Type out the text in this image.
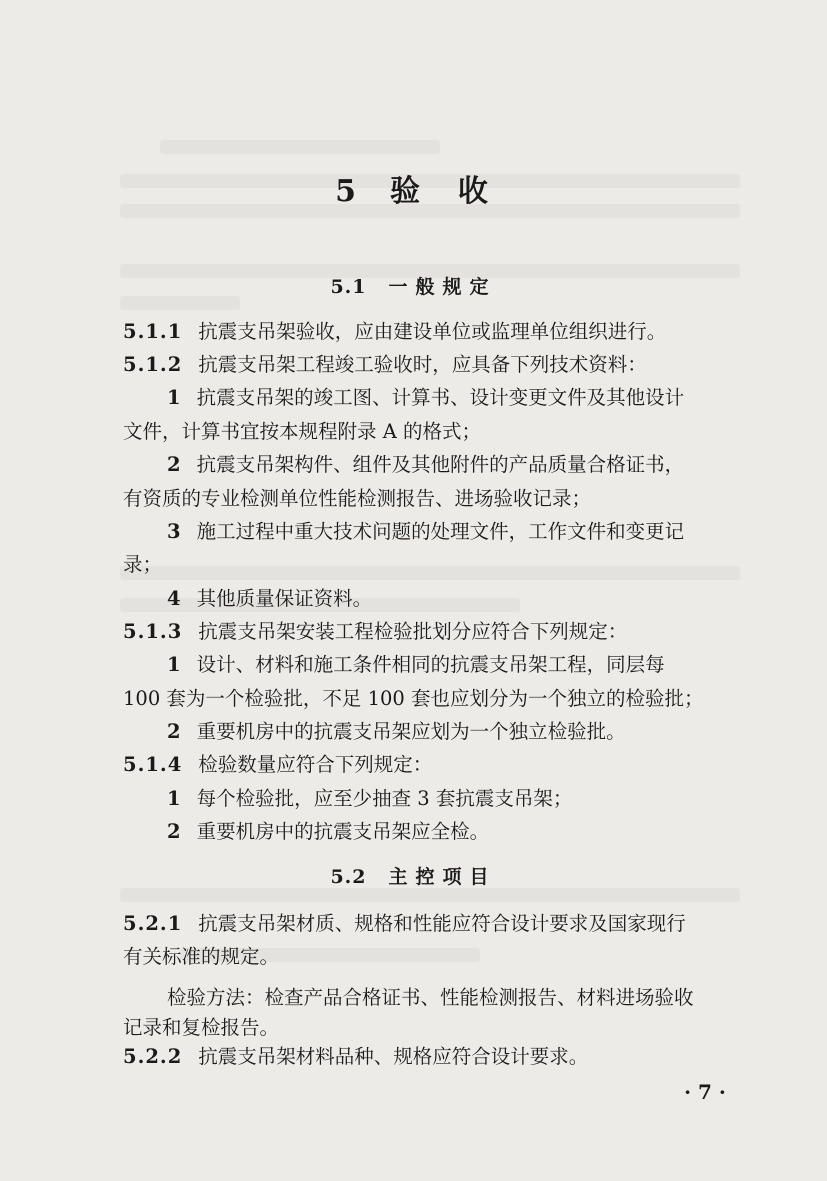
5 验　收
5.1 一般规定
5.1.1 抗震支吊架验收，应由建设单位或监理单位组织进行。
5.1.2 抗震支吊架工程竣工验收时，应具备下列技术资料：
1 抗震支吊架的竣工图、计算书、设计变更文件及其他设计
文件，计算书宜按本规程附录 A 的格式；
2 抗震支吊架构件、组件及其他附件的产品质量合格证书，
有资质的专业检测单位性能检测报告、进场验收记录；
3 施工过程中重大技术问题的处理文件，工作文件和变更记
录；
4 其他质量保证资料。
5.1.3 抗震支吊架安装工程检验批划分应符合下列规定：
1 设计、材料和施工条件相同的抗震支吊架工程，同层每
100 套为一个检验批，不足 100 套也应划分为一个独立的检验批；
2 重要机房中的抗震支吊架应划为一个独立检验批。
5.1.4 检验数量应符合下列规定：
1 每个检验批，应至少抽查 3 套抗震支吊架；
2 重要机房中的抗震支吊架应全检。
5.2 主控项目
5.2.1 抗震支吊架材质、规格和性能应符合设计要求及国家现行
有关标准的规定。
检验方法：检查产品合格证书、性能检测报告、材料进场验收
记录和复检报告。
5.2.2 抗震支吊架材料品种、规格应符合设计要求。
· 7 ·
